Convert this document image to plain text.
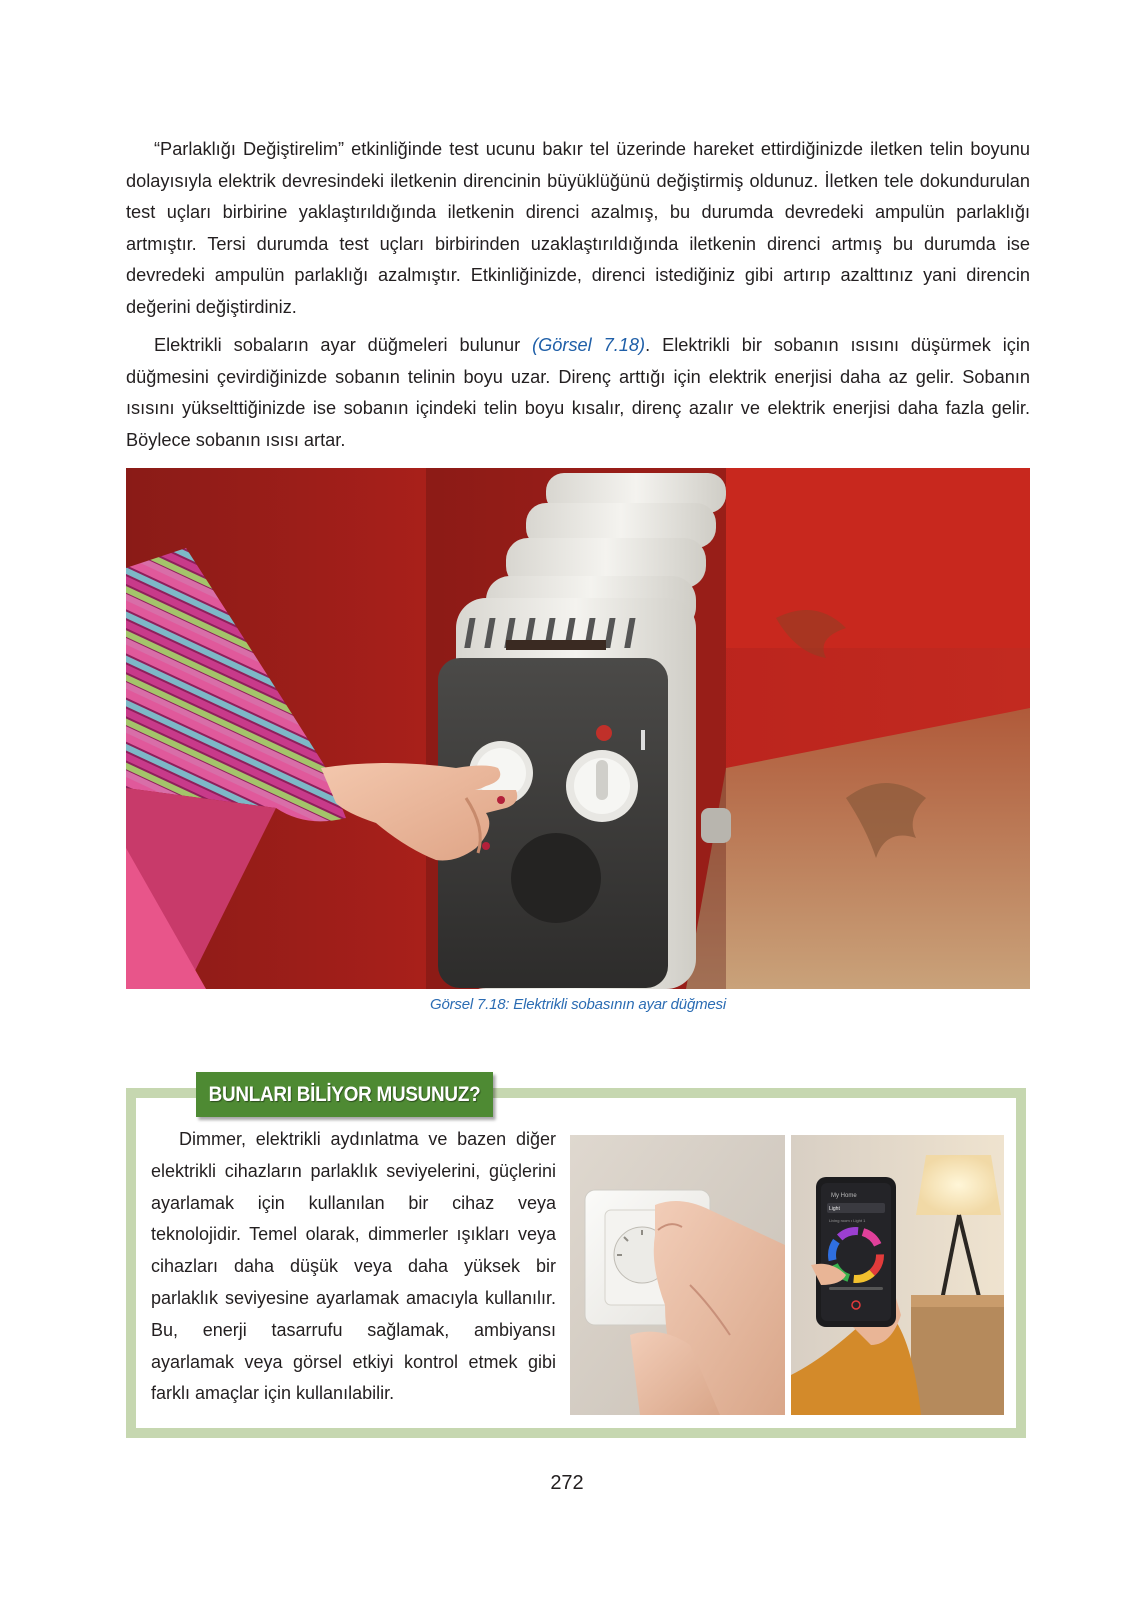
“Parlaklığı Değiştirelim” etkinliğinde test ucunu bakır tel üzerinde hareket ettirdiğinizde iletken telin boyunu dolayısıyla elektrik devresindeki iletkenin direncinin büyüklüğünü değiştirmiş oldunuz. İletken tele dokundurulan test uçları birbirine yaklaştırıldığında iletkenin direnci azalmış, bu durumda devredeki ampulün parlaklığı artmıştır. Tersi durumda test uçları birbirinden uzaklaştırıldığında iletkenin direnci artmış bu durumda ise devredeki ampulün parlaklığı azalmıştır. Etkinliğinizde, direnci istediğiniz gibi artırıp azalttınız yani direncin değerini değiştirdiniz.

Elektrikli sobaların ayar düğmeleri bulunur (Görsel 7.18). Elektrikli bir sobanın ısısını düşürmek için düğmesini çevirdiğinizde sobanın telinin boyu uzar. Direnç arttığı için elektrik enerjisi daha az gelir. Sobanın ısısını yükselttiğinizde ise sobanın içindeki telin boyu kısalır, direnç azalır ve elektrik enerjisi daha fazla gelir. Böylece sobanın ısısı artar.

Görsel 7.18: Elektrikli sobasının ayar düğmesi
BUNLARI BİLİYOR MUSUNUZ?

Dimmer, elektrikli aydınlatma ve bazen diğer elektrikli cihazların parlaklık seviyelerini, güçlerini ayarlamak için kullanılan bir cihaz veya teknolojidir. Temel olarak, dimmerler ışıkları veya cihazları daha düşük veya daha yüksek bir parlaklık seviyesine ayarlamak amacıyla kullanılır. Bu, enerji tasarrufu sağlamak, ambiyansı ayarlamak veya görsel etkiyi kontrol etmek gibi farklı amaçlar için kullanılabilir.

My Home
Light
Living room • Light 1
272
